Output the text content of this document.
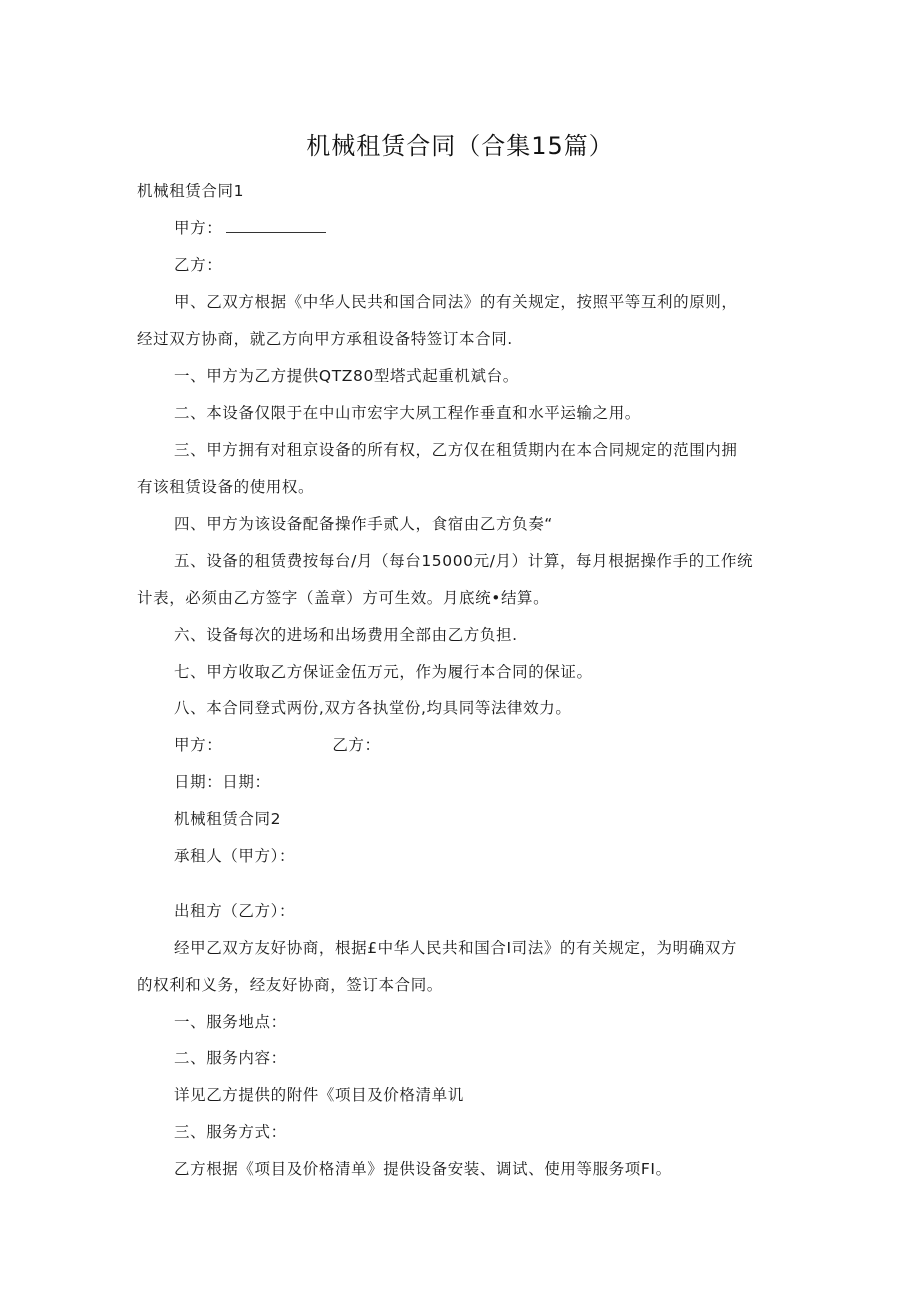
机械租赁合同（合集15篇）
机械租赁合同1
甲方：
乙方：
甲、乙双方根据《中华人民共和国合同法》的有关规定，按照平等互利的原则，
经过双方协商，就乙方向甲方承租设备特签订本合同.
一、甲方为乙方提供QTZ80型塔式起重机斌台。
二、本设备仅限于在中山市宏宇大夙工程作垂直和水平运输之用。
三、甲方拥有对租京设备的所有权，乙方仅在租赁期内在本合同规定的范围内拥
有该租赁设备的使用权。
四、甲方为该设备配备操作手贰人，食宿由乙方负奏“
五、设备的租赁费按每台/月（每台15000元/月）计算，每月根据操作手的工作统
计表，必须由乙方签字（盖章）方可生效。月底统•结算。
六、设备每次的进场和出场费用全部由乙方负担.
七、甲方收取乙方保证金伍万元，作为履行本合同的保证。
八、本合同登式两份,双方各执堂份,均具同等法律效力。
甲方：	乙方：
日期：日期：
机械租赁合同2
承租人（甲方）：
出租方（乙方）：
经甲乙双方友好协商，根据£中华人民共和国合I司法》的有关规定，为明确双方
的权利和义务，经友好协商，签订本合同。
一、服务地点：
二、服务内容：
详见乙方提供的附件《项目及价格清单讥
三、服务方式：
乙方根据《项目及价格清单》提供设备安装、调试、使用等服务项FI。
